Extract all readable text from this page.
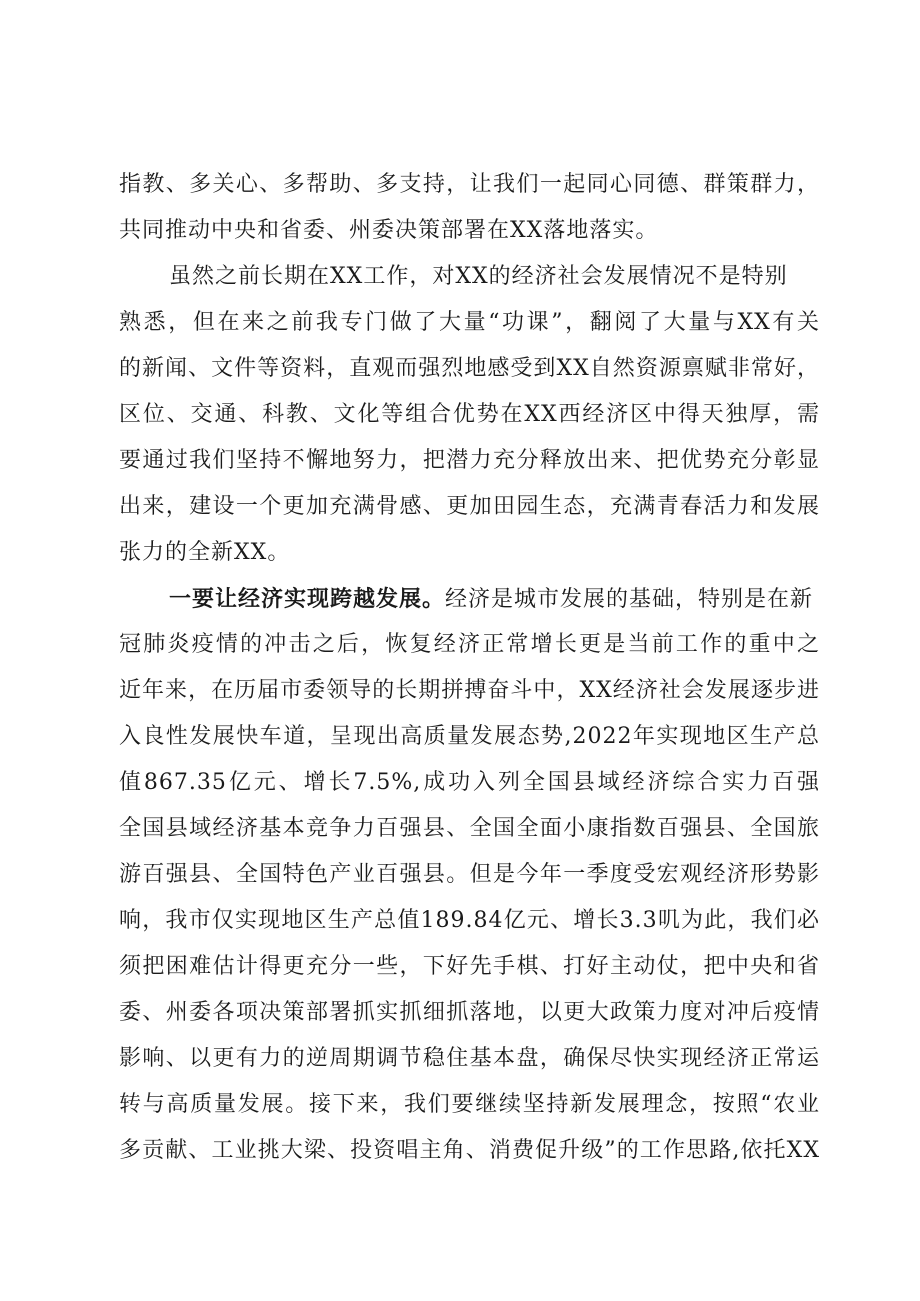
指教、多关心、多帮助、多支持，让我们一起同心同德、群策群力，
共同推动中央和省委、州委决策部署在XX落地落实。
虽然之前长期在XX工作，对XX的经济社会发展情况不是特别
熟悉，但在来之前我专门做了大量“功课”，翻阅了大量与XX有关
的新闻、文件等资料，直观而强烈地感受到XX自然资源禀赋非常好，
区位、交通、科教、文化等组合优势在XX西经济区中得天独厚，需
要通过我们坚持不懈地努力，把潜力充分释放出来、把优势充分彰显
出来，建设一个更加充满骨感、更加田园生态，充满青春活力和发展
张力的全新XX。
一要让经济实现跨越发展。经济是城市发展的基础，特别是在新
冠肺炎疫情的冲击之后，恢复经济正常增长更是当前工作的重中之
近年来，在历届市委领导的长期拼搏奋斗中，XX经济社会发展逐步进
入良性发展快车道，呈现出高质量发展态势,2022年实现地区生产总
值867.35亿元、增长7.5%,成功入列全国县域经济综合实力百强
全国县域经济基本竞争力百强县、全国全面小康指数百强县、全国旅
游百强县、全国特色产业百强县。但是今年一季度受宏观经济形势影
响，我市仅实现地区生产总值189.84亿元、增长3.3叽为此，我们必
须把困难估计得更充分一些，下好先手棋、打好主动仗，把中央和省
委、州委各项决策部署抓实抓细抓落地，以更大政策力度对冲后疫情
影响、以更有力的逆周期调节稳住基本盘，确保尽快实现经济正常运
转与高质量发展。接下来，我们要继续坚持新发展理念，按照“农业
多贡献、工业挑大梁、投资唱主角、消费促升级”的工作思路,依托XX
